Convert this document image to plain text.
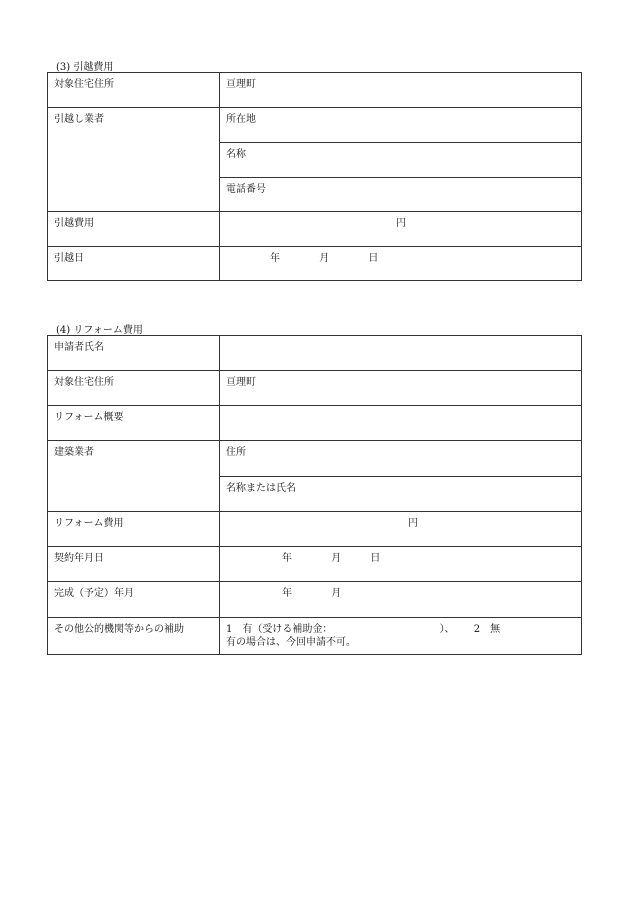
(3) 引越費用
対象住宅住所	亘理町
引越し業者	所在地
	名称
	電話番号
引越費用	円
引越日	年 月 日
(4) リフォーム費用
申請者氏名	
対象住宅住所	亘理町
リフォーム概要	
建築業者	住所
	名称または氏名
リフォーム費用	円
契約年月日	年 月 日
完成（予定）年月	年 月
その他公的機関等からの補助	1　有（受ける補助金： ）、 2　無
有の場合は、今回申請不可。
